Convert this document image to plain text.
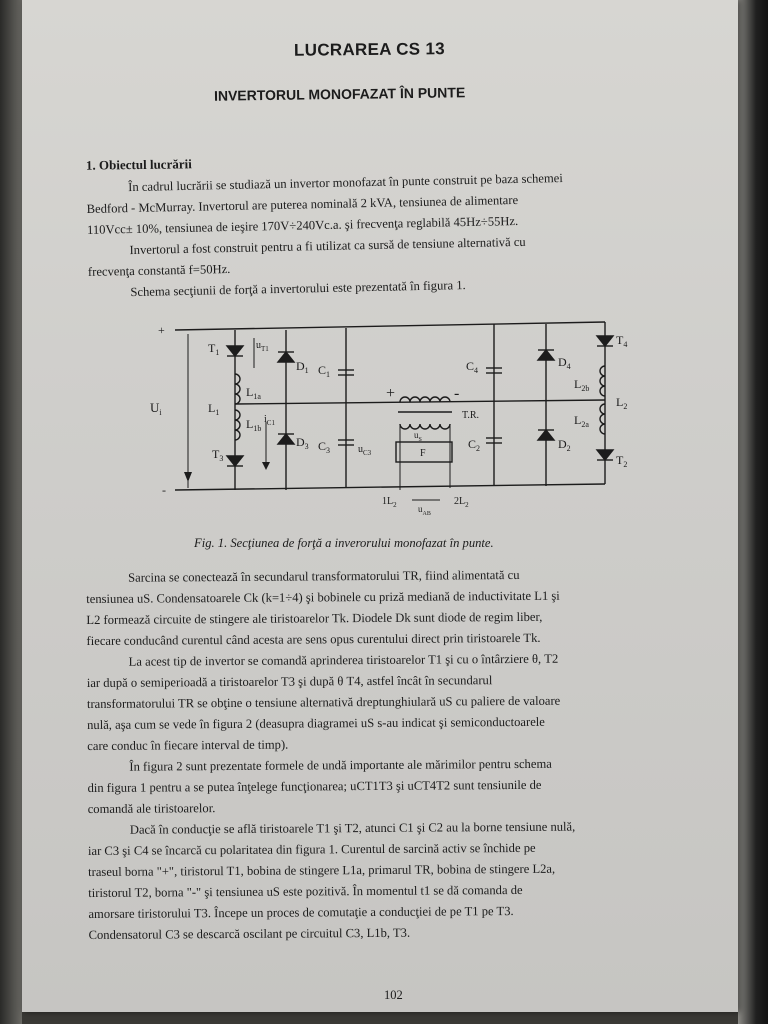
LUCRAREA CS 13
INVERTORUL MONOFAZAT ÎN PUNTE
1. Obiectul lucrării
În cadrul lucrării se studiază un invertor monofazat în punte construit pe baza schemei
Bedford - McMurray. Invertorul are puterea nominală 2 kVA, tensiunea de alimentare
110Vcc± 10%, tensiunea de ieşire 170V÷240Vc.a. şi frecvenţa reglabilă 45Hz÷55Hz.
Invertorul a fost construit pentru a fi utilizat ca sursă de tensiune alternativă cu
frecvenţa constantă f=50Hz.
Schema secţiunii de forţă a invertorului este prezentată în figura 1.
+
-
$U_i$
$T_1$
$L_{1a}$
$L_{1b}$
$L_1$
$T_3$
$u_{T1}$
$D_1$
$D_3$
$C_1$
$C_3$
$i_{C1}$
$u_{C3}$
+	-
T.R.
F
$u_S$
$1L_2$	$2L_2$
$u_{AB}$
$C_4$
$C_2$
$D_4$
$D_2$
$T_4$
$L_{2b}$
$L_{2a}$
$L_2$
$T_2$
Fig. 1. Secţiunea de forţă a inverorului monofazat în punte.
Sarcina se conectează în secundarul transformatorului TR, fiind alimentată cu
tensiunea uS. Condensatoarele Ck (k=1÷4) şi bobinele cu priză mediană de inductivitate L1 şi
L2 formează circuite de stingere ale tiristoarelor Tk. Diodele Dk sunt diode de regim liber,
fiecare conducând curentul când acesta are sens opus curentului direct prin tiristoarele Tk.
La acest tip de invertor se comandă aprinderea tiristoarelor T1 şi cu o întârziere θ, T2
iar după o semiperioadă a tiristoarelor T3 şi după θ T4, astfel încât în secundarul
transformatorului TR se obţine o tensiune alternativă dreptunghiulară uS cu paliere de valoare
nulă, aşa cum se vede în figura 2 (deasupra diagramei uS s-au indicat şi semiconductoarele
care conduc în fiecare interval de timp).
În figura 2 sunt prezentate formele de undă importante ale mărimilor pentru schema
din figura 1 pentru a se putea înţelege funcţionarea; uCT1T3 şi uCT4T2 sunt tensiunile de
comandă ale tiristoarelor.
Dacă în conducţie se află tiristoarele T1 şi T2, atunci C1 şi C2 au la borne tensiune nulă,
iar C3 şi C4 se încarcă cu polaritatea din figura 1. Curentul de sarcină activ se închide pe
traseul borna "+", tiristorul T1, bobina de stingere L1a, primarul TR, bobina de stingere L2a,
tiristorul T2, borna "-" şi tensiunea uS este pozitivă. În momentul t1 se dă comanda de
amorsare tiristorului T3. Începe un proces de comutaţie a conducţiei de pe T1 pe T3.
Condensatorul C3 se descarcă oscilant pe circuitul C3, L1b, T3.
102
